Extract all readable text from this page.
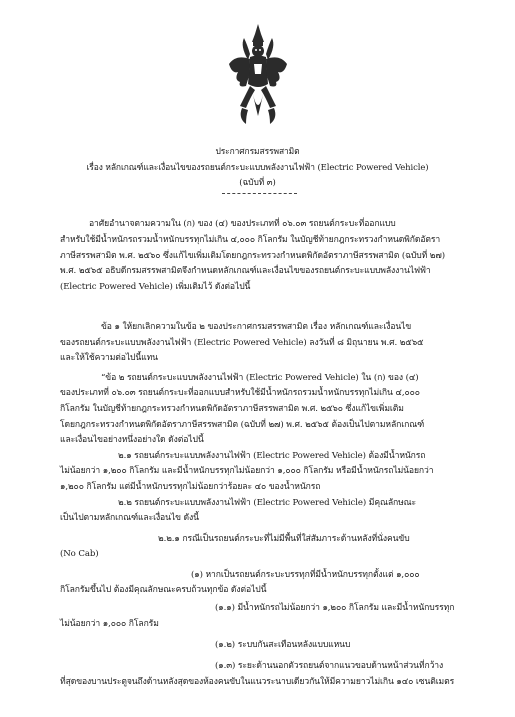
ประกาศกรมสรรพสามิต
เรื่อง หลักเกณฑ์และเงื่อนไขของรถยนต์กระบะแบบพลังงานไฟฟ้า (Electric Powered Vehicle)
(ฉบับที่ ๓)
อาศัยอำนาจตามความใน (ก) ของ (๔) ของประเภทที่ ๐๖.๐๓ รถยนต์กระบะที่ออกแบบ
สำหรับใช้มีน้ำหนักรถรวมน้ำหนักบรรทุกไม่เกิน ๔,๐๐๐ กิโลกรัม ในบัญชีท้ายกฎกระทรวงกำหนดพิกัดอัตรา
ภาษีสรรพสามิต พ.ศ. ๒๕๖๐ ซึ่งแก้ไขเพิ่มเติมโดยกฎกระทรวงกำหนดพิกัดอัตราภาษีสรรพสามิต (ฉบับที่ ๒๗)
พ.ศ. ๒๕๖๕ อธิบดีกรมสรรพสามิตจึงกำหนดหลักเกณฑ์และเงื่อนไขของรถยนต์กระบะแบบพลังงานไฟฟ้า
(Electric Powered Vehicle) เพิ่มเติมไว้ ดังต่อไปนี้
ข้อ ๑ ให้ยกเลิกความในข้อ ๒ ของประกาศกรมสรรพสามิต เรื่อง หลักเกณฑ์และเงื่อนไข
ของรถยนต์กระบะแบบพลังงานไฟฟ้า (Electric Powered Vehicle) ลงวันที่ ๘ มิถุนายน พ.ศ. ๒๕๖๕
และให้ใช้ความต่อไปนี้แทน
“ข้อ ๒ รถยนต์กระบะแบบพลังงานไฟฟ้า (Electric Powered Vehicle) ใน (ก) ของ (๔)
ของประเภทที่ ๐๖.๐๓ รถยนต์กระบะที่ออกแบบสำหรับใช้มีน้ำหนักรถรวมน้ำหนักบรรทุกไม่เกิน ๔,๐๐๐
กิโลกรัม ในบัญชีท้ายกฎกระทรวงกำหนดพิกัดอัตราภาษีสรรพสามิต พ.ศ. ๒๕๖๐ ซึ่งแก้ไขเพิ่มเติม
โดยกฎกระทรวงกำหนดพิกัดอัตราภาษีสรรพสามิต (ฉบับที่ ๒๗) พ.ศ. ๒๕๖๕ ต้องเป็นไปตามหลักเกณฑ์
และเงื่อนไขอย่างหนึ่งอย่างใด ดังต่อไปนี้
๒.๑ รถยนต์กระบะแบบพลังงานไฟฟ้า (Electric Powered Vehicle) ต้องมีน้ำหนักรถ
ไม่น้อยกว่า ๑,๒๐๐ กิโลกรัม และมีน้ำหนักบรรทุกไม่น้อยกว่า ๑,๐๐๐ กิโลกรัม หรือมีน้ำหนักรถไม่น้อยกว่า
๑,๒๐๐ กิโลกรัม แต่มีน้ำหนักบรรทุกไม่น้อยกว่าร้อยละ ๔๐ ของน้ำหนักรถ
๒.๒ รถยนต์กระบะแบบพลังงานไฟฟ้า (Electric Powered Vehicle) มีคุณลักษณะ
เป็นไปตามหลักเกณฑ์และเงื่อนไข ดังนี้
๒.๒.๑ กรณีเป็นรถยนต์กระบะที่ไม่มีพื้นที่ใส่สัมภาระด้านหลังที่นั่งคนขับ
(No Cab)
(๑) หากเป็นรถยนต์กระบะบรรทุกที่มีน้ำหนักบรรทุกตั้งแต่ ๑,๐๐๐
กิโลกรัมขึ้นไป ต้องมีคุณลักษณะครบถ้วนทุกข้อ ดังต่อไปนี้
(๑.๑) มีน้ำหนักรถไม่น้อยกว่า ๑,๒๐๐ กิโลกรัม และมีน้ำหนักบรรทุก
ไม่น้อยกว่า ๑,๐๐๐ กิโลกรัม
(๑.๒) ระบบกันสะเทือนหลังแบบแหนบ
(๑.๓) ระยะด้านนอกตัวรถยนต์จากแนวขอบด้านหน้าส่วนที่กว้าง
ที่สุดของบานประตูจนถึงด้านหลังสุดของห้องคนขับในแนวระนาบเดียวกันให้มีความยาวไม่เกิน ๑๔๐ เซนติเมตร
